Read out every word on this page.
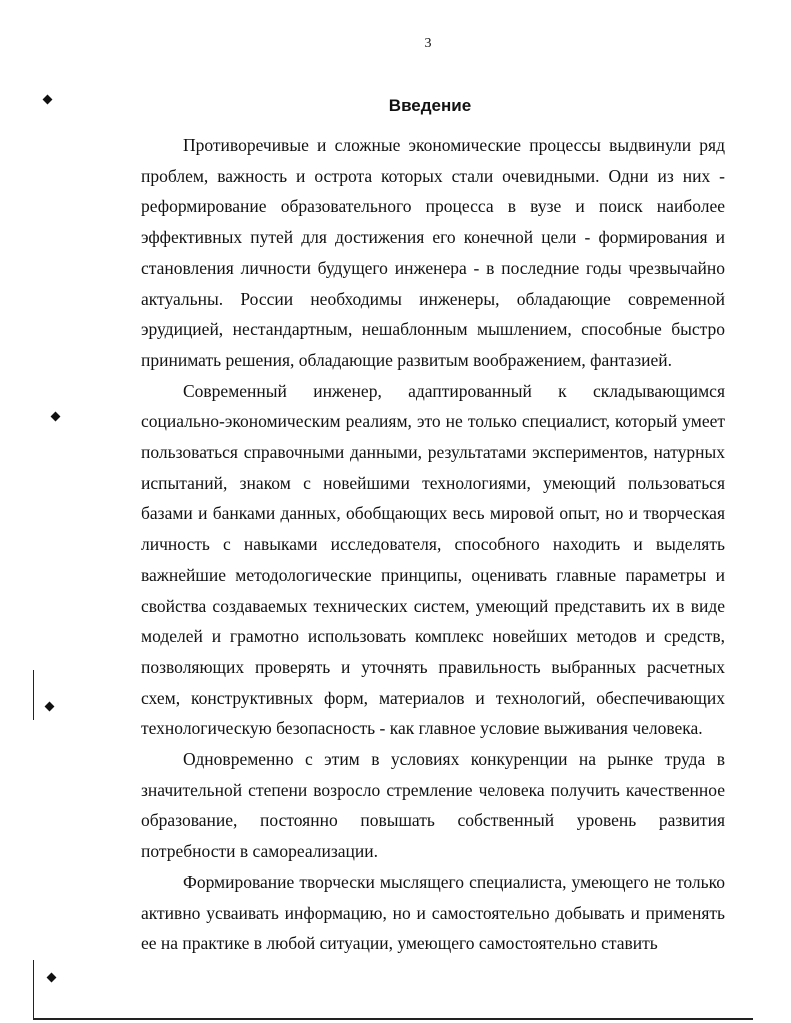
3
Введение

Противоречивые и сложные экономические процессы выдвинули ряд проблем, важность и острота которых стали очевидными. Одни из них - реформирование образовательного процесса в вузе и поиск наиболее эффективных путей для достижения его конечной цели - формирования и становления личности будущего инженера - в последние годы чрезвычайно актуальны. России необходимы инженеры, обладающие современной эрудицией, нестандартным, нешаблонным мышлением, способные быстро принимать решения, обладающие развитым воображением, фантазией.

Современный инженер, адаптированный к складывающимся социально-экономическим реалиям, это не только специалист, который умеет пользоваться справочными данными, результатами экспериментов, натурных испытаний, знаком с новейшими технологиями, умеющий пользоваться базами и банками данных, обобщающих весь мировой опыт, но и творческая личность с навыками исследователя, способного находить и выделять важнейшие методологические принципы, оценивать главные параметры и свойства создаваемых технических систем, умеющий представить их в виде моделей и грамотно использовать комплекс новейших методов и средств, позволяющих проверять и уточнять правильность выбранных расчетных схем, конструктивных форм, материалов и технологий, обеспечивающих технологическую безопасность - как главное условие выживания человека.

Одновременно с этим в условиях конкуренции на рынке труда в значительной степени возросло стремление человека получить качественное образование, постоянно повышать собственный уровень развития потребности в самореализации.

Формирование творчески мыслящего специалиста, умеющего не только активно усваивать информацию, но и самостоятельно добывать и применять ее на практике в любой ситуации, умеющего самостоятельно ставить
